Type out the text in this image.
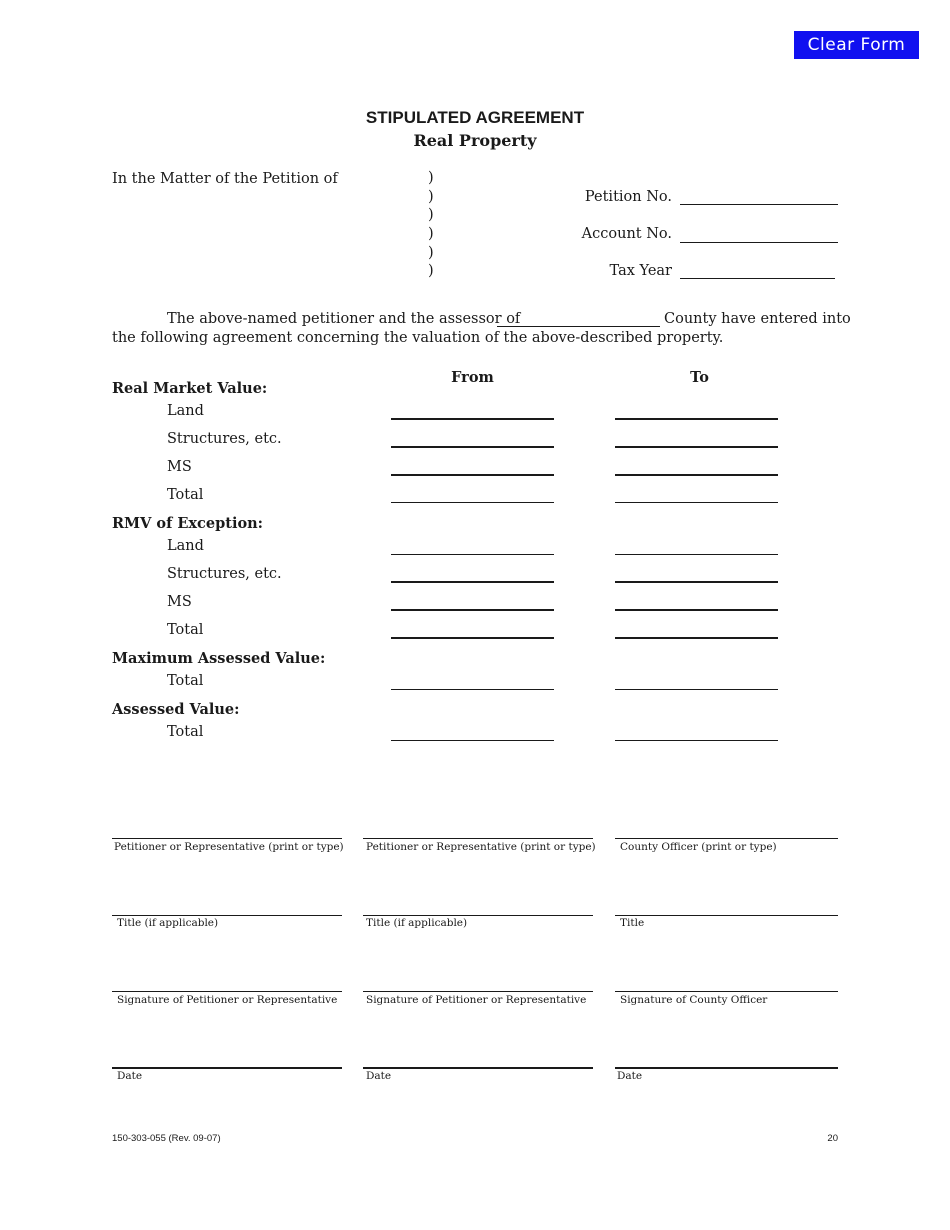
Clear Form
STIPULATED AGREEMENT
Real Property
In the Matter of the Petition of	)
)
)
)
)
)
Petition No.
Account No.
Tax Year
The above-named petitioner and the assessor of	County have entered into
the following agreement concerning the valuation of the above-described property.
From	To
Real Market Value:
Land
Structures, etc.
MS
Total
RMV of Exception:
Land
Structures, etc.
MS
Total
Maximum Assessed Value:
Total
Assessed Value:
Total
Petitioner or Representative (print or type)
Title (if applicable)
Signature of Petitioner or Representative
Date
Petitioner or Representative (print or type)
Title (if applicable)
Signature of Petitioner or Representative
Date
County Officer (print or type)
Title
Signature of County Officer
Date
150-303-055 (Rev. 09-07)	20
